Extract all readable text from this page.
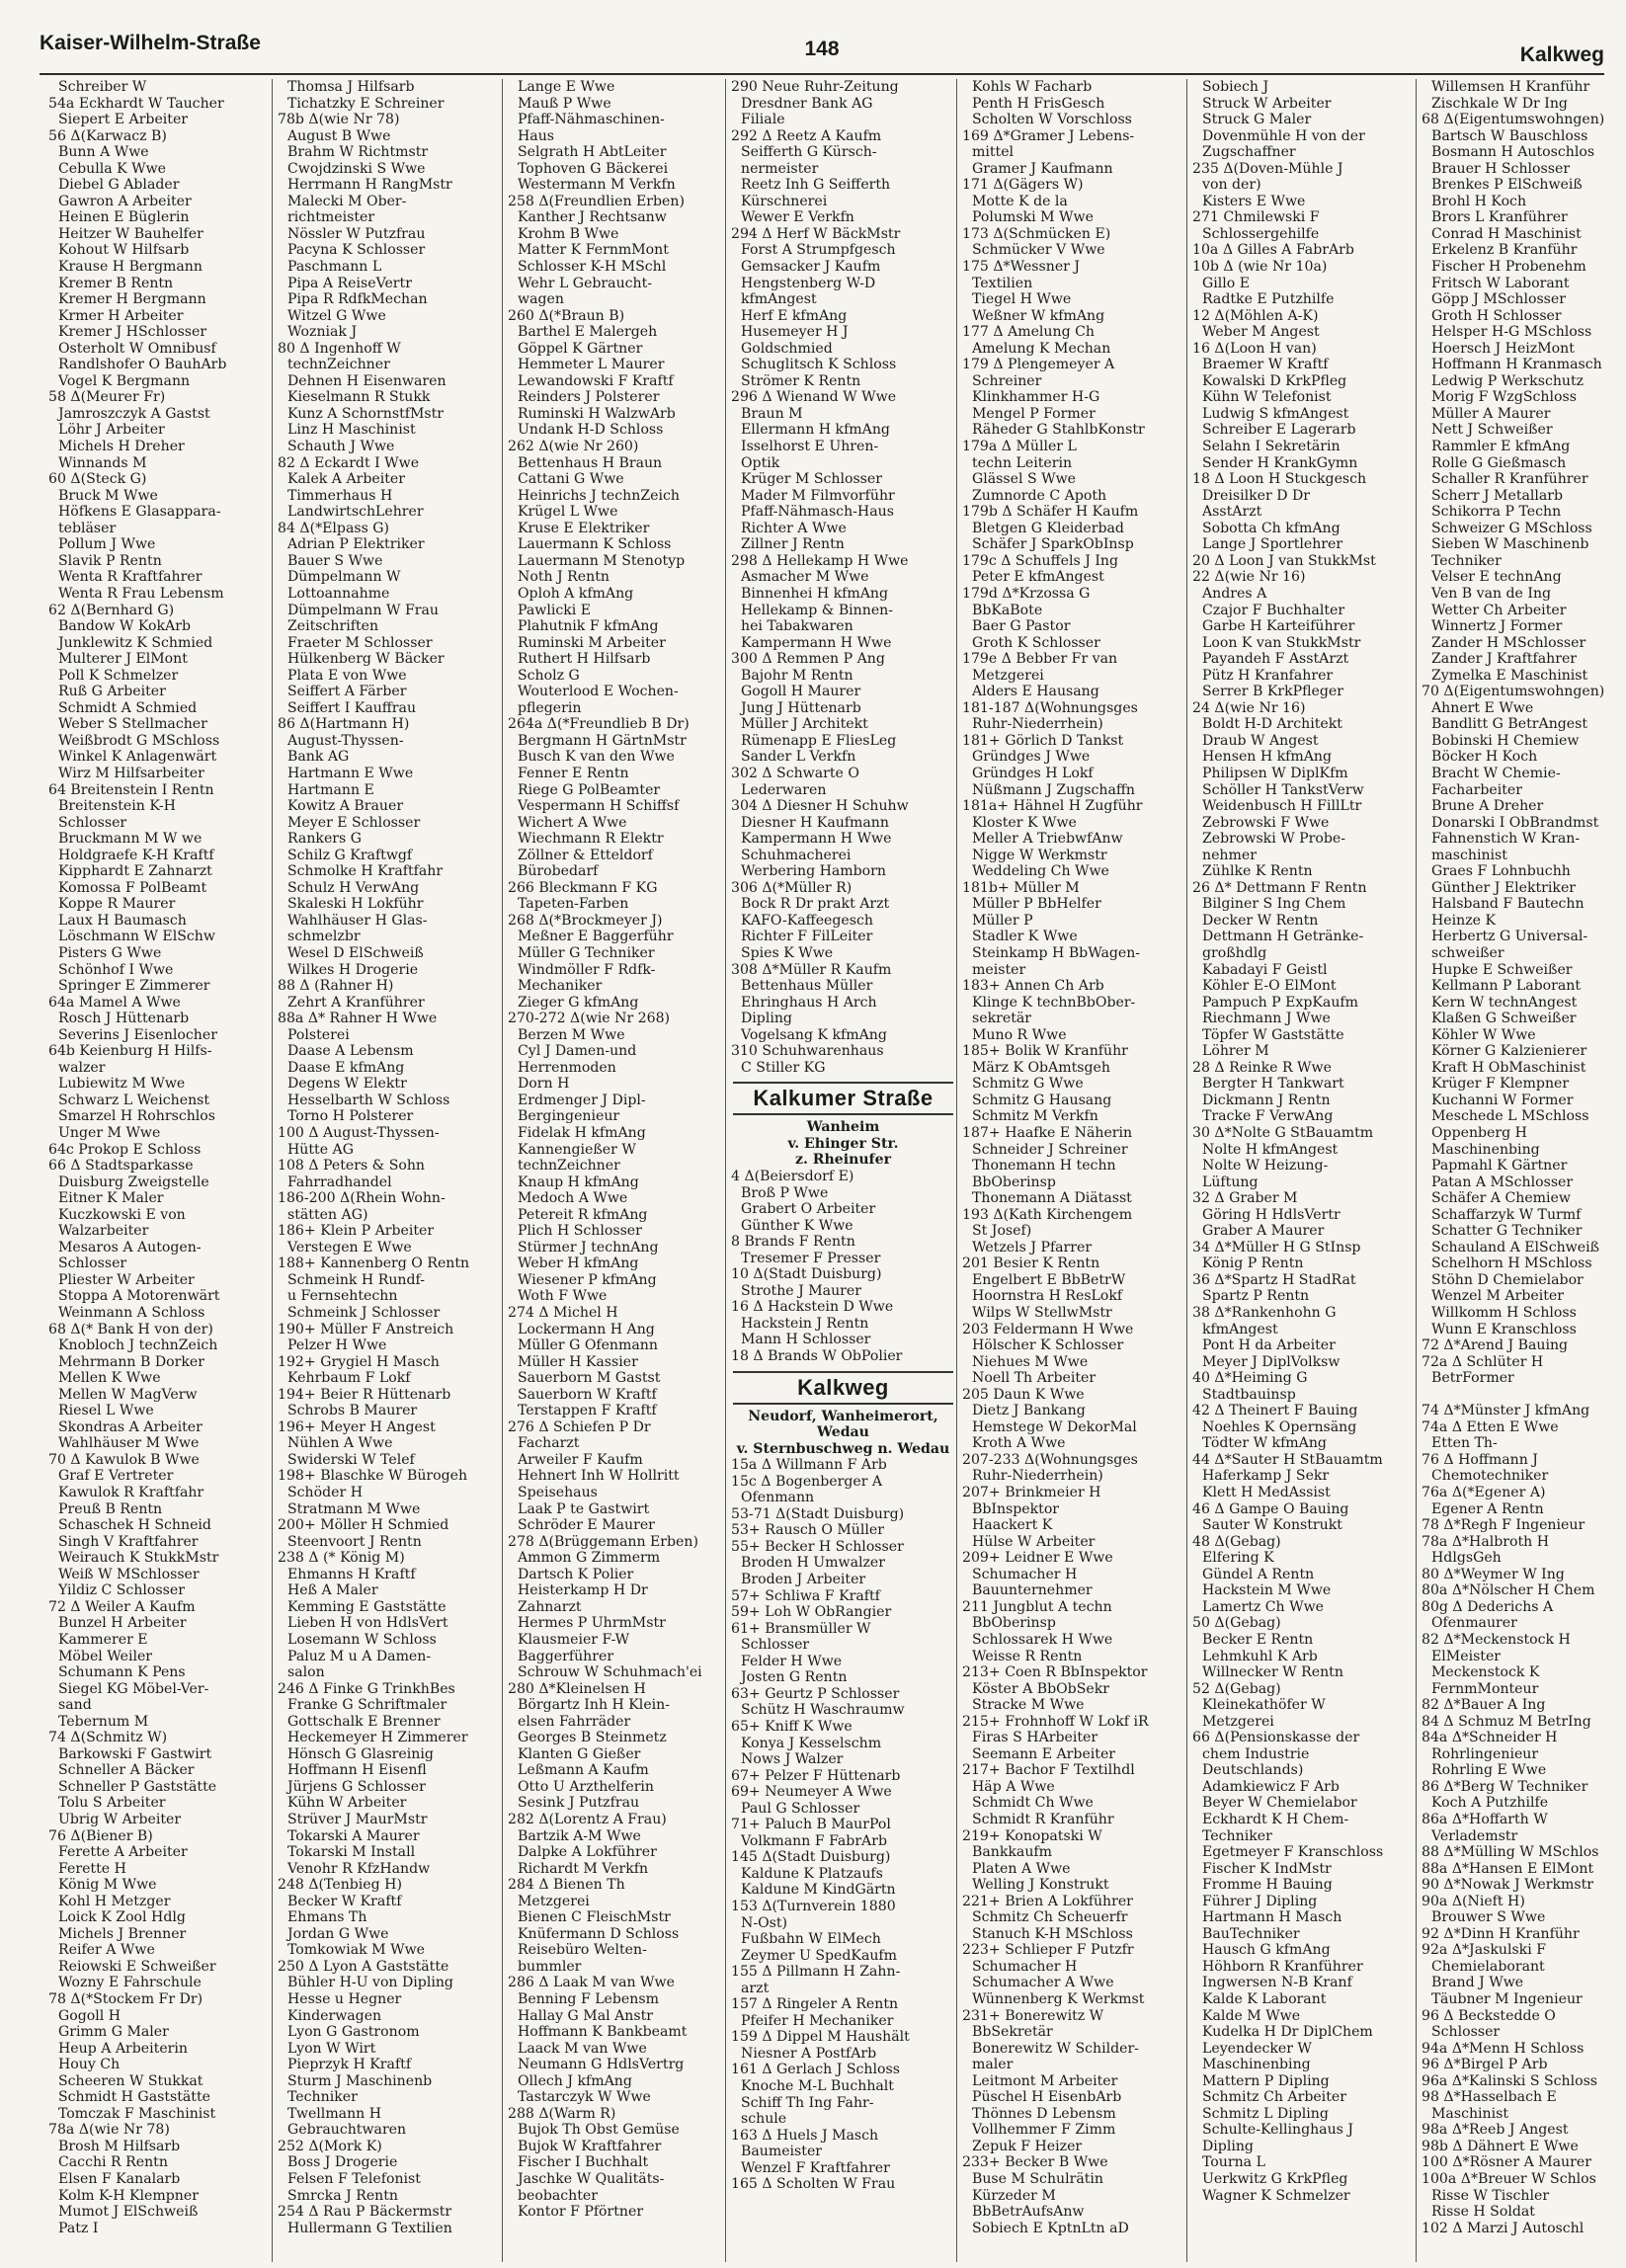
Kaiser-Wilhelm-Straße	148	Kalkweg
Schreiber W
54a Eckhardt W Taucher
Siepert E Arbeiter
56 Δ(Karwacz B)
Bunn A Wwe
Cebulla K Wwe
Diebel G Ablader
Gawron A Arbeiter
Heinen E Büglerin
Heitzer W Bauhelfer
Kohout W Hilfsarb
Krause H Bergmann
Kremer B Rentn
Kremer H Bergmann
Krmer H Arbeiter
Kremer J HSchlosser
Osterholt W Omnibusf
Randlshofer O BauhArb
Vogel K Bergmann
58 Δ(Meurer Fr)
Jamroszczyk A Gastst
Löhr J Arbeiter
Michels H Dreher
Winnands M
60 Δ(Steck G)
Bruck M Wwe
Höfkens E Glasappara-
tebläser
Pollum J Wwe
Slavik P Rentn
Wenta R Kraftfahrer
Wenta R Frau Lebensm
62 Δ(Bernhard G)
Bandow W KokArb
Junklewitz K Schmied
Multerer J ElMont
Poll K Schmelzer
Ruß G Arbeiter
Schmidt A Schmied
Weber S Stellmacher
Weißbrodt G MSchloss
Winkel K Anlagenwärt
Wirz M Hilfsarbeiter
64 Breitenstein I Rentn
Breitenstein K-H
Schlosser
Bruckmann M W we
Holdgraefe K-H Kraftf
Kipphardt E Zahnarzt
Komossa F PolBeamt
Koppe R Maurer
Laux H Baumasch
Löschmann W ElSchw
Pisters G Wwe
Schönhof I Wwe
Springer E Zimmerer
64a Mamel A Wwe
Rosch J Hüttenarb
Severins J Eisenlocher
64b Keienburg H Hilfs-
walzer
Lubiewitz M Wwe
Schwarz L Weichenst
Smarzel H Rohrschlos
Unger M Wwe
64c Prokop E Schloss
66 Δ Stadtsparkasse
Duisburg Zweigstelle
Eitner K Maler
Kuczkowski E von
Walzarbeiter
Mesaros A Autogen-
Schlosser
Pliester W Arbeiter
Stoppa A Motorenwärt
Weinmann A Schloss
68 Δ(* Bank H von der)
Knobloch J technZeich
Mehrmann B Dorker
Mellen K Wwe
Mellen W MagVerw
Riesel L Wwe
Skondras A Arbeiter
Wahlhäuser M Wwe
70 Δ Kawulok B Wwe
Graf E Vertreter
Kawulok R Kraftfahr
Preuß B Rentn
Schaschek H Schneid
Singh V Kraftfahrer
Weirauch K StukkMstr
Weiß W MSchlosser
Yildiz C Schlosser
72 Δ Weiler A Kaufm
Bunzel H Arbeiter
Kammerer E
Möbel Weiler
Schumann K Pens
Siegel KG Möbel-Ver-
sand
Tebernum M
74 Δ(Schmitz W)
Barkowski F Gastwirt
Schneller A Bäcker
Schneller P Gaststätte
Tolu S Arbeiter
Ubrig W Arbeiter
76 Δ(Biener B)
Ferette A Arbeiter
Ferette H
König M Wwe
Kohl H Metzger
Loick K Zool Hdlg
Michels J Brenner
Reifer A Wwe
Reiowski E Schweißer
Wozny E Fahrschule
78 Δ(*Stockem Fr Dr)
Gogoll H
Grimm G Maler
Heup A Arbeiterin
Houy Ch
Scheeren W Stukkat
Schmidt H Gaststätte
Tomczak F Maschinist
78a Δ(wie Nr 78)
Brosh M Hilfsarb
Cacchi R Rentn
Elsen F Kanalarb
Kolm K-H Klempner
Mumot J ElSchweiß
Patz I
Thomsa J Hilfsarb
Tichatzky E Schreiner
78b Δ(wie Nr 78)
August B Wwe
Brahm W Richtmstr
Cwojdzinski S Wwe
Herrmann H RangMstr
Malecki M Ober-
richtmeister
Nössler W Putzfrau
Pacyna K Schlosser
Paschmann L
Pipa A ReiseVertr
Pipa R RdfkMechan
Witzel G Wwe
Wozniak J
80 Δ Ingenhoff W
technZeichner
Dehnen H Eisenwaren
Kieselmann R Stukk
Kunz A SchornstfMstr
Linz H Maschinist
Schauth J Wwe
82 Δ Eckardt I Wwe
Kalek A Arbeiter
Timmerhaus H
LandwirtschLehrer
84 Δ(*Elpass G)
Adrian P Elektriker
Bauer S Wwe
Dümpelmann W
Lottoannahme
Dümpelmann W Frau
Zeitschriften
Fraeter M Schlosser
Hülkenberg W Bäcker
Plata E von Wwe
Seiffert A Färber
Seiffert I Kauffrau
86 Δ(Hartmann H)
August-Thyssen-
Bank AG
Hartmann E Wwe
Hartmann E
Kowitz A Brauer
Meyer E Schlosser
Rankers G
Schilz G Kraftwgf
Schmolke H Kraftfahr
Schulz H VerwAng
Skaleski H Lokführ
Wahlhäuser H Glas-
schmelzbr
Wesel D ElSchweiß
Wilkes H Drogerie
88 Δ (Rahner H)
Zehrt A Kranführer
88a Δ* Rahner H Wwe
Polsterei
Daase A Lebensm
Daase E kfmAng
Degens W Elektr
Hesselbarth W Schloss
Torno H Polsterer
100 Δ August-Thyssen-
Hütte AG
108 Δ Peters & Sohn
Fahrradhandel
186-200 Δ(Rhein Wohn-
stätten AG)
186+ Klein P Arbeiter
Verstegen E Wwe
188+ Kannenberg O Rentn
Schmeink H Rundf-
u Fernsehtechn
Schmeink J Schlosser
190+ Müller F Anstreich
Pelzer H Wwe
192+ Grygiel H Masch
Kehrbaum F Lokf
194+ Beier R Hüttenarb
Schrobs B Maurer
196+ Meyer H Angest
Nühlen A Wwe
Swiderski W Telef
198+ Blaschke W Bürogeh
Schöder H
Stratmann M Wwe
200+ Möller H Schmied
Steenvoort J Rentn
238 Δ (* König M)
Ehmanns H Kraftf
Heß A Maler
Kemming E Gaststätte
Lieben H von HdlsVert
Losemann W Schloss
Paluz M u A Damen-
salon
246 Δ Finke G TrinkhBes
Franke G Schriftmaler
Gottschalk E Brenner
Heckemeyer H Zimmerer
Hönsch G Glasreinig
Hoffmann H Eisenfl
Jürjens G Schlosser
Kühn W Arbeiter
Strüver J MaurMstr
Tokarski A Maurer
Tokarski M Install
Venohr R KfzHandw
248 Δ(Tenbieg H)
Becker W Kraftf
Ehmans Th
Jordan G Wwe
Tomkowiak M Wwe
250 Δ Lyon A Gaststätte
Bühler H-U von Dipling
Hesse u Hegner
Kinderwagen
Lyon G Gastronom
Lyon W Wirt
Pieprzyk H Kraftf
Sturm J Maschinenb
Techniker
Twellmann H
Gebrauchtwaren
252 Δ(Mork K)
Boss J Drogerie
Felsen F Telefonist
Smrcka J Rentn
254 Δ Rau P Bäckermstr
Hullermann G Textilien
Lange E Wwe
Mauß P Wwe
Pfaff-Nähmaschinen-
Haus
Selgrath H AbtLeiter
Tophoven G Bäckerei
Westermann M Verkfn
258 Δ(Freundlien Erben)
Kanther J Rechtsanw
Krohm B Wwe
Matter K FernmMont
Schlosser K-H MSchl
Wehr L Gebraucht-
wagen
260 Δ(*Braun B)
Barthel E Malergeh
Göppel K Gärtner
Hemmeter L Maurer
Lewandowski F Kraftf
Reinders J Polsterer
Ruminski H WalzwArb
Undank H-D Schloss
262 Δ(wie Nr 260)
Bettenhaus H Braun
Cattani G Wwe
Heinrichs J technZeich
Krügel L Wwe
Kruse E Elektriker
Lauermann K Schloss
Lauermann M Stenotyp
Noth J Rentn
Oploh A kfmAng
Pawlicki E
Plahutnik F kfmAng
Ruminski M Arbeiter
Ruthert H Hilfsarb
Scholz G
Wouterlood E Wochen-
pflegerin
264a Δ(*Freundlieb B Dr)
Bergmann H GärtnMstr
Busch K van den Wwe
Fenner E Rentn
Riege G PolBeamter
Vespermann H Schiffsf
Wichert A Wwe
Wiechmann R Elektr
Zöllner & Etteldorf
Bürobedarf
266 Bleckmann F KG
Tapeten-Farben
268 Δ(*Brockmeyer J)
Meßner E Baggerführ
Müller G Techniker
Windmöller F Rdfk-
Mechaniker
Zieger G kfmAng
270-272 Δ(wie Nr 268)
Berzen M Wwe
Cyl J Damen-und
Herrenmoden
Dorn H
Erdmenger J Dipl-
Bergingenieur
Fidelak H kfmAng
Kannengießer W
technZeichner
Knaup H kfmAng
Medoch A Wwe
Petereit R kfmAng
Plich H Schlosser
Stürmer J technAng
Weber H kfmAng
Wiesener P kfmAng
Woth F Wwe
274 Δ Michel H
Lockermann H Ang
Müller G Ofenmann
Müller H Kassier
Sauerborn M Gastst
Sauerborn W Kraftf
Terstappen F Kraftf
276 Δ Schiefen P Dr
Facharzt
Arweiler F Kaufm
Hehnert Inh W Hollritt
Speisehaus
Laak P te Gastwirt
Schröder E Maurer
278 Δ(Brüggemann Erben)
Ammon G Zimmerm
Dartsch K Polier
Heisterkamp H Dr
Zahnarzt
Hermes P UhrmMstr
Klausmeier F-W
Baggerführer
Schrouw W Schuhmach'ei
280 Δ*Kleinelsen H
Börgartz Inh H Klein-
elsen Fahrräder
Georges B Steinmetz
Klanten G Gießer
Leßmann A Kaufm
Otto U Arzthelferin
Sesink J Putzfrau
282 Δ(Lorentz A Frau)
Bartzik A-M Wwe
Dalpke A Lokführer
Richardt M Verkfn
284 Δ Bienen Th
Metzgerei
Bienen C FleischMstr
Knüfermann D Schloss
Reisebüro Welten-
bummler
286 Δ Laak M van Wwe
Benning F Lebensm
Hallay G Mal Anstr
Hoffmann K Bankbeamt
Laack M van Wwe
Neumann G HdlsVertrg
Ollech J kfmAng
Tastarczyk W Wwe
288 Δ(Warm R)
Bujok Th Obst Gemüse
Bujok W Kraftfahrer
Fischer I Buchhalt
Jaschke W Qualitäts-
beobachter
Kontor F Pförtner
290 Neue Ruhr-Zeitung
Dresdner Bank AG
Filiale
292 Δ Reetz A Kaufm
Seifferth G Kürsch-
nermeister
Reetz Inh G Seifferth
Kürschnerei
Wewer E Verkfn
294 Δ Herf W BäckMstr
Forst A Strumpfgesch
Gemsacker J Kaufm
Hengstenberg W-D
kfmAngest
Herf E kfmAng
Husemeyer H J
Goldschmied
Schuglitsch K Schloss
Strömer K Rentn
296 Δ Wienand W Wwe
Braun M
Ellermann H kfmAng
Isselhorst E Uhren-
Optik
Krüger M Schlosser
Mader M Filmvorführ
Pfaff-Nähmasch-Haus
Richter A Wwe
Zillner J Rentn
298 Δ Hellekamp H Wwe
Asmacher M Wwe
Binnenhei H kfmAng
Hellekamp & Binnen-
hei Tabakwaren
Kampermann H Wwe
300 Δ Remmen P Ang
Bajohr M Rentn
Gogoll H Maurer
Jung J Hüttenarb
Müller J Architekt
Rümenapp E FliesLeg
Sander L Verkfn
302 Δ Schwarte O
Lederwaren
304 Δ Diesner H Schuhw
Diesner H Kaufmann
Kampermann H Wwe
Schuhmacherei
Werbering Hamborn
306 Δ(*Müller R)
Bock R Dr prakt Arzt
KAFO-Kaffeegesch
Richter F FilLeiter
Spies K Wwe
308 Δ*Müller R Kaufm
Bettenhaus Müller
Ehringhaus H Arch
Dipling
Vogelsang K kfmAng
310 Schuhwarenhaus
C Stiller KG
Kalkumer Straße
Wanheim
v. Ehinger Str.
z. Rheinufer
4 Δ(Beiersdorf E)
Broß P Wwe
Grabert O Arbeiter
Günther K Wwe
8 Brands F Rentn
Tresemer F Presser
10 Δ(Stadt Duisburg)
Strothe J Maurer
16 Δ Hackstein D Wwe
Hackstein J Rentn
Mann H Schlosser
18 Δ Brands W ObPolier
Kalkweg
Neudorf, Wanheimerort,
Wedau
v. Sternbuschweg n. Wedau
15a Δ Willmann F Arb
15c Δ Bogenberger A
Ofenmann
53-71 Δ(Stadt Duisburg)
53+ Rausch O Müller
55+ Becker H Schlosser
Broden H Umwalzer
Broden J Arbeiter
57+ Schliwa F Kraftf
59+ Loh W ObRangier
61+ Bransmüller W
Schlosser
Felder H Wwe
Josten G Rentn
63+ Geurtz P Schlosser
Schütz H Waschraumw
65+ Kniff K Wwe
Konya J Kesselschm
Nows J Walzer
67+ Pelzer F Hüttenarb
69+ Neumeyer A Wwe
Paul G Schlosser
71+ Paluch B MaurPol
Volkmann F FabrArb
145 Δ(Stadt Duisburg)
Kaldune K Platzaufs
Kaldune M KindGärtn
153 Δ(Turnverein 1880
N-Ost)
Fußbahn W ElMech
Zeymer U SpedKaufm
155 Δ Pillmann H Zahn-
arzt
157 Δ Ringeler A Rentn
Pfeifer H Mechaniker
159 Δ Dippel M Haushält
Niesner A PostfArb
161 Δ Gerlach J Schloss
Knoche M-L Buchhalt
Schiff Th Ing Fahr-
schule
163 Δ Huels J Masch
Baumeister
Wenzel F Kraftfahrer
165 Δ Scholten W Frau
Kohls W Facharb
Penth H FrisGesch
Scholten W Vorschloss
169 Δ*Gramer J Lebens-
mittel
Gramer J Kaufmann
171 Δ(Gägers W)
Motte K de la
Polumski M Wwe
173 Δ(Schmücken E)
Schmücker V Wwe
175 Δ*Wessner J
Textilien
Tiegel H Wwe
Weßner W kfmAng
177 Δ Amelung Ch
Amelung K Mechan
179 Δ Plengemeyer A
Schreiner
Klinkhammer H-G
Mengel P Former
Räheder G StahlbKonstr
179a Δ Müller L
techn Leiterin
Glässel S Wwe
Zumnorde C Apoth
179b Δ Schäfer H Kaufm
Bletgen G Kleiderbad
Schäfer J SparkObInsp
179c Δ Schuffels J Ing
Peter E kfmAngest
179d Δ*Krzossa G
BbKaBote
Baer G Pastor
Groth K Schlosser
179e Δ Bebber Fr van
Metzgerei
Alders E Hausang
181-187 Δ(Wohnungsges
Ruhr-Niederrhein)
181+ Görlich D Tankst
Gründges J Wwe
Gründges H Lokf
Nüßmann J Zugschaffn
181a+ Hähnel H Zugführ
Kloster K Wwe
Meller A TriebwfAnw
Nigge W Werkmstr
Weddeling Ch Wwe
181b+ Müller M
Müller P BbHelfer
Müller P
Stadler K Wwe
Steinkamp H BbWagen-
meister
183+ Annen Ch Arb
Klinge K technBbOber-
sekretär
Muno R Wwe
185+ Bolik W Kranführ
März K ObAmtsgeh
Schmitz G Wwe
Schmitz G Hausang
Schmitz M Verkfn
187+ Haafke E Näherin
Schneider J Schreiner
Thonemann H techn
BbOberinsp
Thonemann A Diätasst
193 Δ(Kath Kirchengem
St Josef)
Wetzels J Pfarrer
201 Besier K Rentn
Engelbert E BbBetrW
Hoornstra H ResLokf
Wilps W StellwMstr
203 Feldermann H Wwe
Hölscher K Schlosser
Niehues M Wwe
Noell Th Arbeiter
205 Daun K Wwe
Dietz J Bankang
Hemstege W DekorMal
Kroth A Wwe
207-233 Δ(Wohnungsges
Ruhr-Niederrhein)
207+ Brinkmeier H
BbInspektor
Haackert K
Hülse W Arbeiter
209+ Leidner E Wwe
Schumacher H
Bauunternehmer
211 Jungblut A techn
BbOberinsp
Schlossarek H Wwe
Weisse R Rentn
213+ Coen R BbInspektor
Köster A BbObSekr
Stracke M Wwe
215+ Frohnhoff W Lokf iR
Firas S HArbeiter
Seemann E Arbeiter
217+ Bachor F Textilhdl
Häp A Wwe
Schmidt Ch Wwe
Schmidt R Kranführ
219+ Konopatski W
Bankkaufm
Platen A Wwe
Welling J Konstrukt
221+ Brien A Lokführer
Schmitz Ch Scheuerfr
Stanuch K-H MSchloss
223+ Schlieper F Putzfr
Schumacher H
Schumacher A Wwe
Wünnenberg K Werkmst
231+ Bonerewitz W
BbSekretär
Bonerewitz W Schilder-
maler
Leitmont M Arbeiter
Püschel H EisenbArb
Thönnes D Lebensm
Vollhemmer F Zimm
Zepuk F Heizer
233+ Becker B Wwe
Buse M Schulrätin
Kürzeder M
BbBetrAufsAnw
Sobiech E KptnLtn aD
Sobiech J
Struck W Arbeiter
Struck G Maler
Dovenmühle H von der
Zugschaffner
235 Δ(Doven-Mühle J
von der)
Kisters E Wwe
271 Chmilewski F
Schlossergehilfe
10a Δ Gilles A FabrArb
10b Δ (wie Nr 10a)
Gillo E
Radtke E Putzhilfe
12 Δ(Möhlen A-K)
Weber M Angest
16 Δ(Loon H van)
Braemer W Kraftf
Kowalski D KrkPfleg
Kühn W Telefonist
Ludwig S kfmAngest
Schreiber E Lagerarb
Selahn I Sekretärin
Sender H KrankGymn
18 Δ Loon H Stuckgesch
Dreisilker D Dr
AsstArzt
Sobotta Ch kfmAng
Lange J Sportlehrer
20 Δ Loon J van StukkMst
22 Δ(wie Nr 16)
Andres A
Czajor F Buchhalter
Garbe H Karteiführer
Loon K van StukkMstr
Payandeh F AsstArzt
Pütz H Kranfahrer
Serrer B KrkPfleger
24 Δ(wie Nr 16)
Boldt H-D Architekt
Draub W Angest
Hensen H kfmAng
Philipsen W DiplKfm
Schöller H TankstVerw
Weidenbusch H FillLtr
Zebrowski F Wwe
Zebrowski W Probe-
nehmer
Zühlke K Rentn
26 Δ* Dettmann F Rentn
Bilginer S Ing Chem
Decker W Rentn
Dettmann H Getränke-
großhdlg
Kabadayi F Geistl
Köhler E-O ElMont
Pampuch P ExpKaufm
Riechmann J Wwe
Töpfer W Gaststätte
Löhrer M
28 Δ Reinke R Wwe
Bergter H Tankwart
Dickmann J Rentn
Tracke F VerwAng
30 Δ*Nolte G StBauamtm
Nolte H kfmAngest
Nolte W Heizung-
Lüftung
32 Δ Graber M
Göring H HdlsVertr
Graber A Maurer
34 Δ*Müller H G StInsp
König P Rentn
36 Δ*Spartz H StadRat
Spartz P Rentn
38 Δ*Rankenhohn G
kfmAngest
Pont H da Arbeiter
Meyer J DiplVolksw
40 Δ*Heiming G
Stadtbauinsp
42 Δ Theinert F Bauing
Noehles K Opernsäng
Tödter W kfmAng
44 Δ*Sauter H StBauamtm
Haferkamp J Sekr
Klett H MedAssist
46 Δ Gampe O Bauing
Sauter W Konstrukt
48 Δ(Gebag)
Elfering K
Gündel A Rentn
Hackstein M Wwe
Lamertz Ch Wwe
50 Δ(Gebag)
Becker E Rentn
Lehmkuhl K Arb
Willnecker W Rentn
52 Δ(Gebag)
Kleinekathöfer W
Metzgerei
66 Δ(Pensionskasse der
chem Industrie
Deutschlands)
Adamkiewicz F Arb
Beyer W Chemielabor
Eckhardt K H Chem-
Techniker
Egetmeyer F Kranschloss
Fischer K IndMstr
Fromme H Bauing
Führer J Dipling
Hartmann H Masch
BauTechniker
Hausch G kfmAng
Höhborn R Kranführer
Ingwersen N-B Kranf
Kalde K Laborant
Kalde M Wwe
Kudelka H Dr DiplChem
Leyendecker W
Maschinenbing
Mattern P Dipling
Schmitz Ch Arbeiter
Schmitz L Dipling
Schulte-Kellinghaus J
Dipling
Tourna L
Uerkwitz G KrkPfleg
Wagner K Schmelzer
Willemsen H Kranführ
Zischkale W Dr Ing
68 Δ(Eigentumswohngen)
Bartsch W Bauschloss
Bosmann H Autoschlos
Brauer H Schlosser
Brenkes P ElSchweiß
Brohl H Koch
Brors L Kranführer
Conrad H Maschinist
Erkelenz B Kranführ
Fischer H Probenehm
Fritsch W Laborant
Göpp J MSchlosser
Groth H Schlosser
Helsper H-G MSchloss
Hoersch J HeizMont
Hoffmann H Kranmasch
Ledwig P Werkschutz
Morig F WzgSchloss
Müller A Maurer
Nett J Schweißer
Rammler E kfmAng
Rolle G Gießmasch
Schaller R Kranführer
Scherr J Metallarb
Schikorra P Techn
Schweizer G MSchloss
Sieben W Maschinenb
Techniker
Velser E technAng
Ven B van de Ing
Wetter Ch Arbeiter
Winnertz J Former
Zander H MSchlosser
Zander J Kraftfahrer
Zymelka E Maschinist
70 Δ(Eigentumswohngen)
Ahnert E Wwe
Bandlitt G BetrAngest
Bobinski H Chemiew
Böcker H Koch
Bracht W Chemie-
Facharbeiter
Brune A Dreher
Donarski I ObBrandmst
Fahnenstich W Kran-
maschinist
Graes F Lohnbuchh
Günther J Elektriker
Halsband F Bautechn
Heinze K
Herbertz G Universal-
schweißer
Hupke E Schweißer
Kellmann P Laborant
Kern W technAngest
Klaßen G Schweißer
Köhler W Wwe
Körner G Kalzienierer
Kraft H ObMaschinist
Krüger F Klempner
Kuchanni W Former
Meschede L MSchloss
Oppenberg H
Maschinenbing
Papmahl K Gärtner
Patan A MSchlosser
Schäfer A Chemiew
Schaffarzyk W Turmf
Schatter G Techniker
Schauland A ElSchweiß
Schelhorn H MSchloss
Stöhn D Chemielabor
Wenzel M Arbeiter
Willkomm H Schloss
Wunn E Kranschloss
72 Δ*Arend J Bauing
72a Δ Schlüter H
BetrFormer

74 Δ*Münster J kfmAng
74a Δ Etten E Wwe
Etten Th-
76 Δ Hoffmann J
Chemotechniker
76a Δ(*Egener A)
Egener A Rentn
78 Δ*Regh F Ingenieur
78a Δ*Halbroth H
HdlgsGeh
80 Δ*Weymer W Ing
80a Δ*Nölscher H Chem
80g Δ Dederichs A
Ofenmaurer
82 Δ*Meckenstock H
ElMeister
Meckenstock K
FernmMonteur
82 Δ*Bauer A Ing
84 Δ Schmuz M BetrIng
84a Δ*Schneider H
Rohrlingenieur
Rohrling E Wwe
86 Δ*Berg W Techniker
Koch A Putzhilfe
86a Δ*Hoffarth W
Verlademstr
88 Δ*Mülling W MSchlos
88a Δ*Hansen E ElMont
90 Δ*Nowak J Werkmstr
90a Δ(Nieft H)
Brouwer S Wwe
92 Δ*Dinn H Kranführ
92a Δ*Jaskulski F
Chemielaborant
Brand J Wwe
Täubner M Ingenieur
96 Δ Beckstedde O
Schlosser
94a Δ*Menn H Schloss
96 Δ*Birgel P Arb
96a Δ*Kalinski S Schloss
98 Δ*Hasselbach E
Maschinist
98a Δ*Reeb J Angest
98b Δ Dähnert E Wwe
100 Δ*Rösner A Maurer
100a Δ*Breuer W Schlos
Risse W Tischler
Risse H Soldat
102 Δ Marzi J Autoschl
